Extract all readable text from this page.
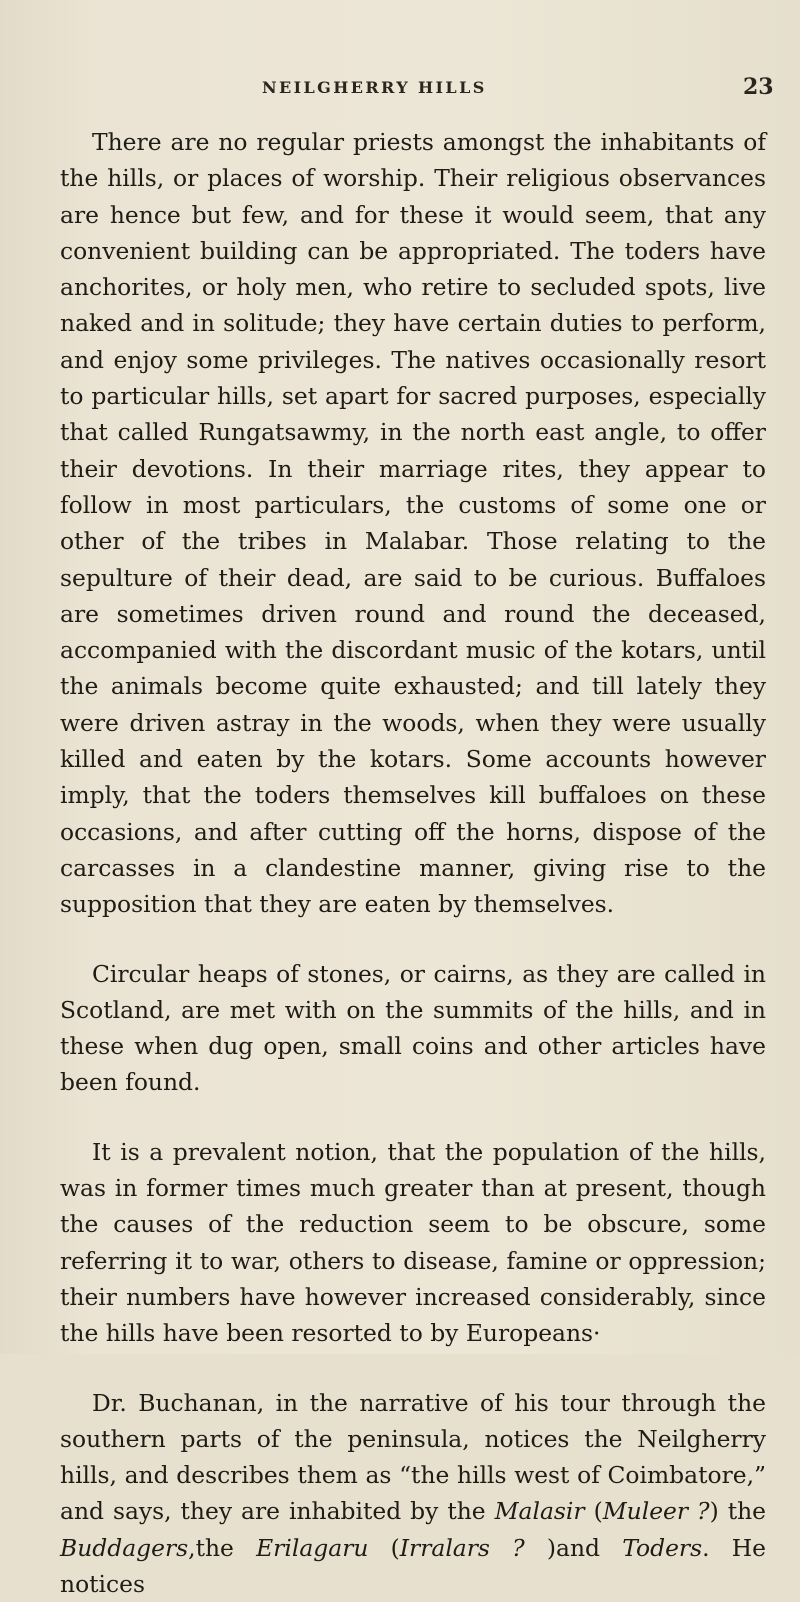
NEILGHERRY HILLS	23

There are no regular priests amongst the inhabitants of the hills, or places of worship. Their religious observances are hence but few, and for these it would seem, that any convenient building can be appropriated. The toders have anchorites, or holy men, who retire to secluded spots, live naked and in solitude; they have certain duties to perform, and enjoy some privileges. The natives occasionally resort to particular hills, set apart for sacred purposes, especially that called Rungatsawmy, in the north east angle, to offer their devotions. In their marriage rites, they appear to follow in most particulars, the customs of some one or other of the tribes in Malabar. Those relating to the sepulture of their dead, are said to be curious. Buffaloes are sometimes driven round and round the deceased, accompanied with the discordant music of the kotars, until the animals become quite exhausted; and till lately they were driven astray in the woods, when they were usually killed and eaten by the kotars. Some accounts however imply, that the toders themselves kill buffaloes on these occasions, and after cutting off the horns, dispose of the carcasses in a clandestine manner, giving rise to the supposition that they are eaten by themselves.

Circular heaps of stones, or cairns, as they are called in Scotland, are met with on the summits of the hills, and in these when dug open, small coins and other articles have been found.

It is a prevalent notion, that the population of the hills, was in former times much greater than at present, though the causes of the reduction seem to be obscure, some referring it to war, others to disease, famine or oppression; their numbers have however increased considerably, since the hills have been resorted to by Europeans·

Dr. Buchanan, in the narrative of his tour through the southern parts of the peninsula, notices the Neilgherry hills, and describes them as “the hills west of Coimbatore,” and says, they are inhabited by the Malasir (Muleer ?) the Buddagers,the Erilagaru (Irralars ? )and Toders. He notices
